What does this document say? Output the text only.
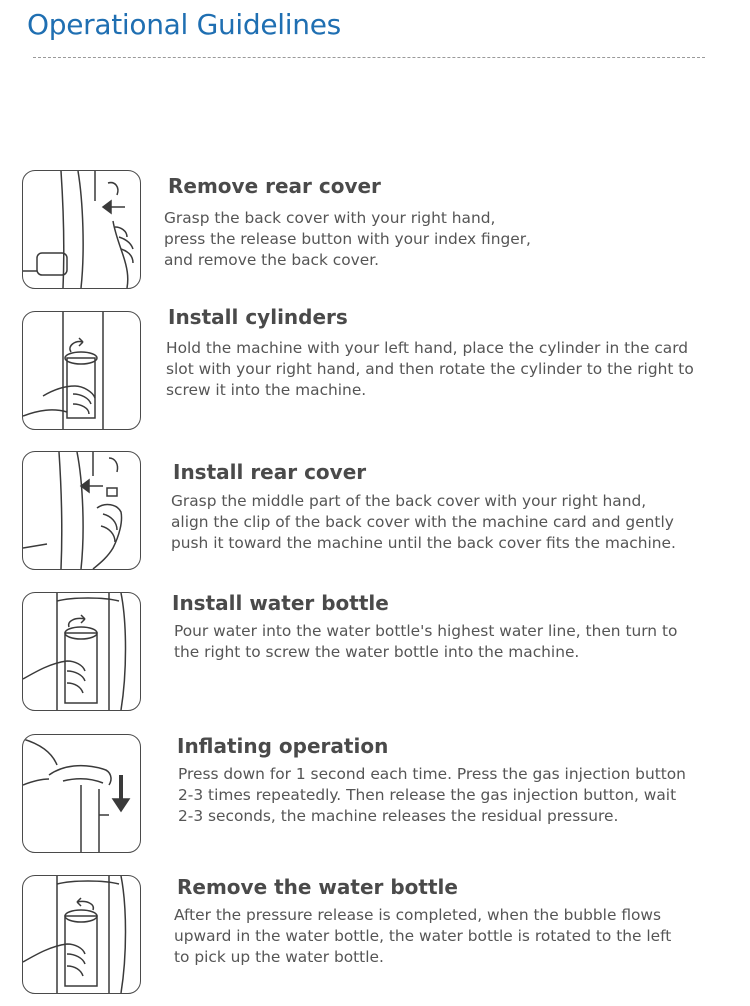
Operational Guidelines
Remove rear cover
Grasp the back cover with your right hand,
press the release button with your index finger,
and remove the back cover.
Install cylinders
Hold the machine with your left hand, place the cylinder in the card
slot with your right hand, and then rotate the cylinder to the right to
screw it into the machine.
Install rear cover
Grasp the middle part of the back cover with your right hand,
align the clip of the back cover with the machine card and gently
push it toward the machine until the back cover fits the machine.
Install water bottle
Pour water into the water bottle's highest water line, then turn to
the right to screw the water bottle into the machine.
Inflating operation
Press down for 1 second each time. Press the gas injection button
2-3 times repeatedly. Then release the gas injection button, wait
2-3 seconds, the machine releases the residual pressure.
Remove the water bottle
After the pressure release is completed, when the bubble flows
upward in the water bottle, the water bottle is rotated to the left
to pick up the water bottle.
